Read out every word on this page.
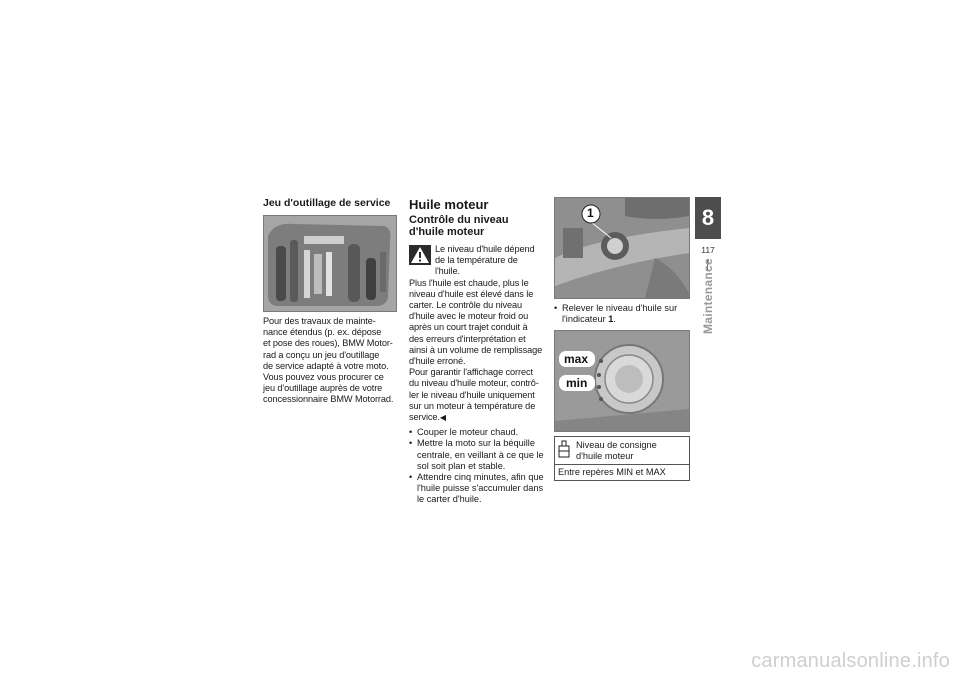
Jeu d'outillage de service

Pour des travaux de mainte-
nance étendus (p. ex. dépose
et pose des roues), BMW Motor-
rad a conçu un jeu d'outillage
de service adapté à votre moto.
Vous pouvez vous procurer ce
jeu d'outillage auprès de votre
concessionnaire BMW Motorrad.

Huile moteur
Contrôle du niveau d'huile moteur

Le niveau d'huile dépend
de la température de l'huile.

Plus l'huile est chaude, plus le
niveau d'huile est élevé dans le
carter. Le contrôle du niveau
d'huile avec le moteur froid ou
après un court trajet conduit à
des erreurs d'interprétation et
ainsi à un volume de remplissage
d'huile erroné.
Pour garantir l'affichage correct
du niveau d'huile moteur, contrô-
ler le niveau d'huile uniquement
sur un moteur à température de
service.◀

• Couper le moteur chaud.
• Mettre la moto sur la béquille centrale, en veillant à ce que le sol soit plan et stable.
• Attendre cinq minutes, afin que l'huile puisse s'accumuler dans le carter d'huile.
1
• Relever le niveau d'huile sur l'indicateur 1.
max
min
Niveau de consigne
d'huile moteur
Entre repères MIN et MAX
8
117
Maintenance
carmanualsonline.info
